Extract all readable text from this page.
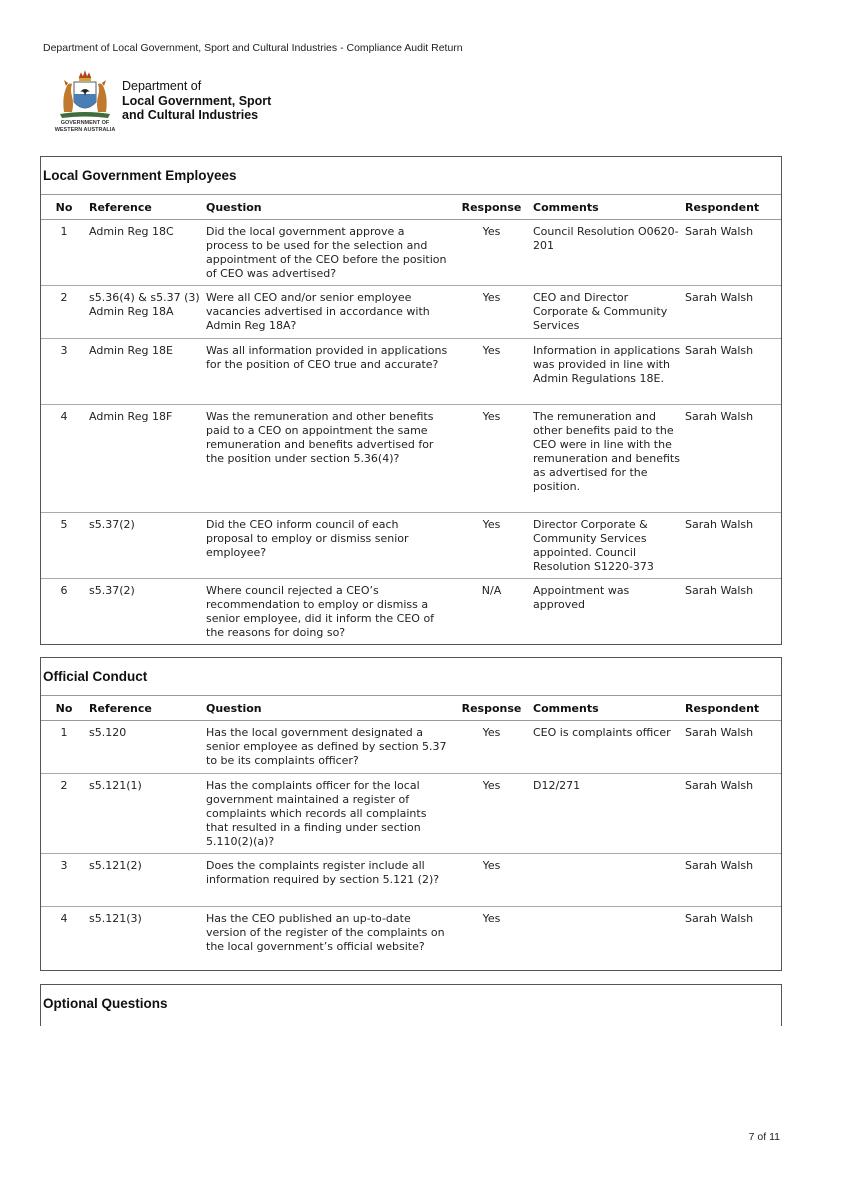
Department of Local Government, Sport and Cultural Industries - Compliance Audit Return
GOVERNMENT OF
WESTERN AUSTRALIA
Department of
Local Government, Sport
and Cultural Industries
Local Government Employees
No	Reference	Question	Response	Comments	Respondent
1	Admin Reg 18C	Did the local government approve a process to be used for the selection and appointment of the CEO before the position of CEO was advertised?	Yes	Council Resolution O0620-201	Sarah Walsh
2	s5.36(4) & s5.37 (3) Admin Reg 18A	Were all CEO and/or senior employee vacancies advertised in accordance with Admin Reg 18A?	Yes	CEO and Director Corporate & Community Services	Sarah Walsh
3	Admin Reg 18E	Was all information provided in applications for the position of CEO true and accurate?	Yes	Information in applications was provided in line with Admin Regulations 18E.	Sarah Walsh
4	Admin Reg 18F	Was the remuneration and other benefits paid to a CEO on appointment the same remuneration and benefits advertised for the position under section 5.36(4)?	Yes	The remuneration and other benefits paid to the CEO were in line with the remuneration and benefits as advertised for the position.	Sarah Walsh
5	s5.37(2)	Did the CEO inform council of each proposal to employ or dismiss senior employee?	Yes	Director Corporate & Community Services appointed. Council Resolution S1220-373	Sarah Walsh
6	s5.37(2)	Where council rejected a CEO’s recommendation to employ or dismiss a senior employee, did it inform the CEO of the reasons for doing so?	N/A	Appointment was approved	Sarah Walsh
Official Conduct
No	Reference	Question	Response	Comments	Respondent
1	s5.120	Has the local government designated a senior employee as defined by section 5.37 to be its complaints officer?	Yes	CEO is complaints officer	Sarah Walsh
2	s5.121(1)	Has the complaints officer for the local government maintained a register of complaints which records all complaints that resulted in a finding under section 5.110(2)(a)?	Yes	D12/271	Sarah Walsh
3	s5.121(2)	Does the complaints register include all information required by section 5.121 (2)?	Yes		Sarah Walsh
4	s5.121(3)	Has the CEO published an up-to-date version of the register of the complaints on the local government’s official website?	Yes		Sarah Walsh
Optional Questions
7 of 11
